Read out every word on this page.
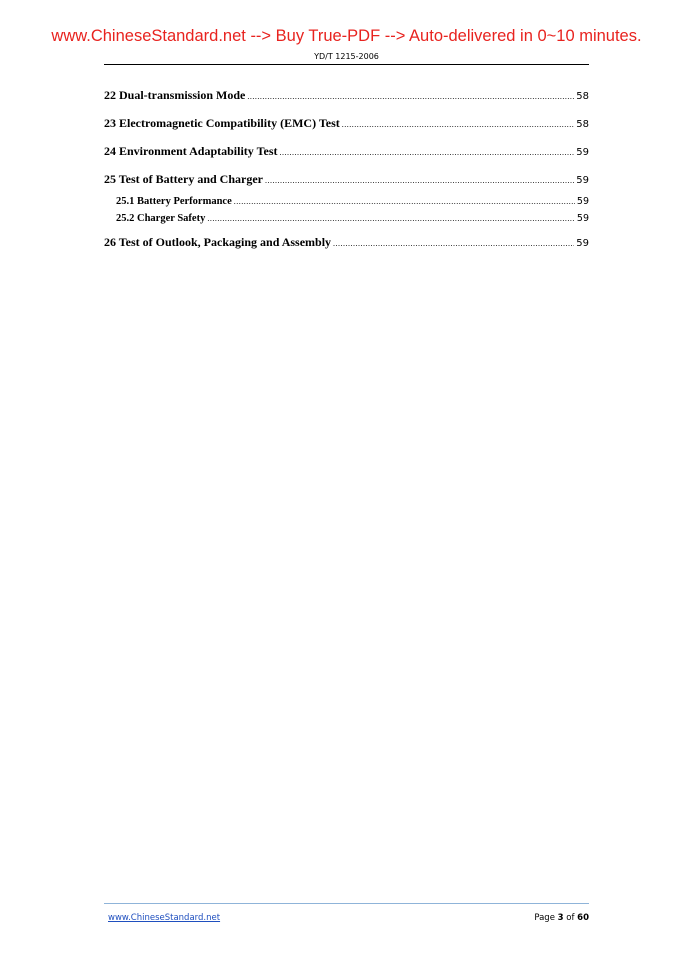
www.ChineseStandard.net --> Buy True-PDF --> Auto-delivered in 0~10 minutes.
YD/T 1215-2006
22 Dual-transmission Mode .....	58
23 Electromagnetic Compatibility (EMC) Test .....	58
24 Environment Adaptability Test .....	59
25 Test of Battery and Charger .....	59
25.1 Battery Performance .....	59
25.2 Charger Safety .....	59
26 Test of Outlook, Packaging and Assembly .....	59
www.ChineseStandard.net	Page 3 of 60
